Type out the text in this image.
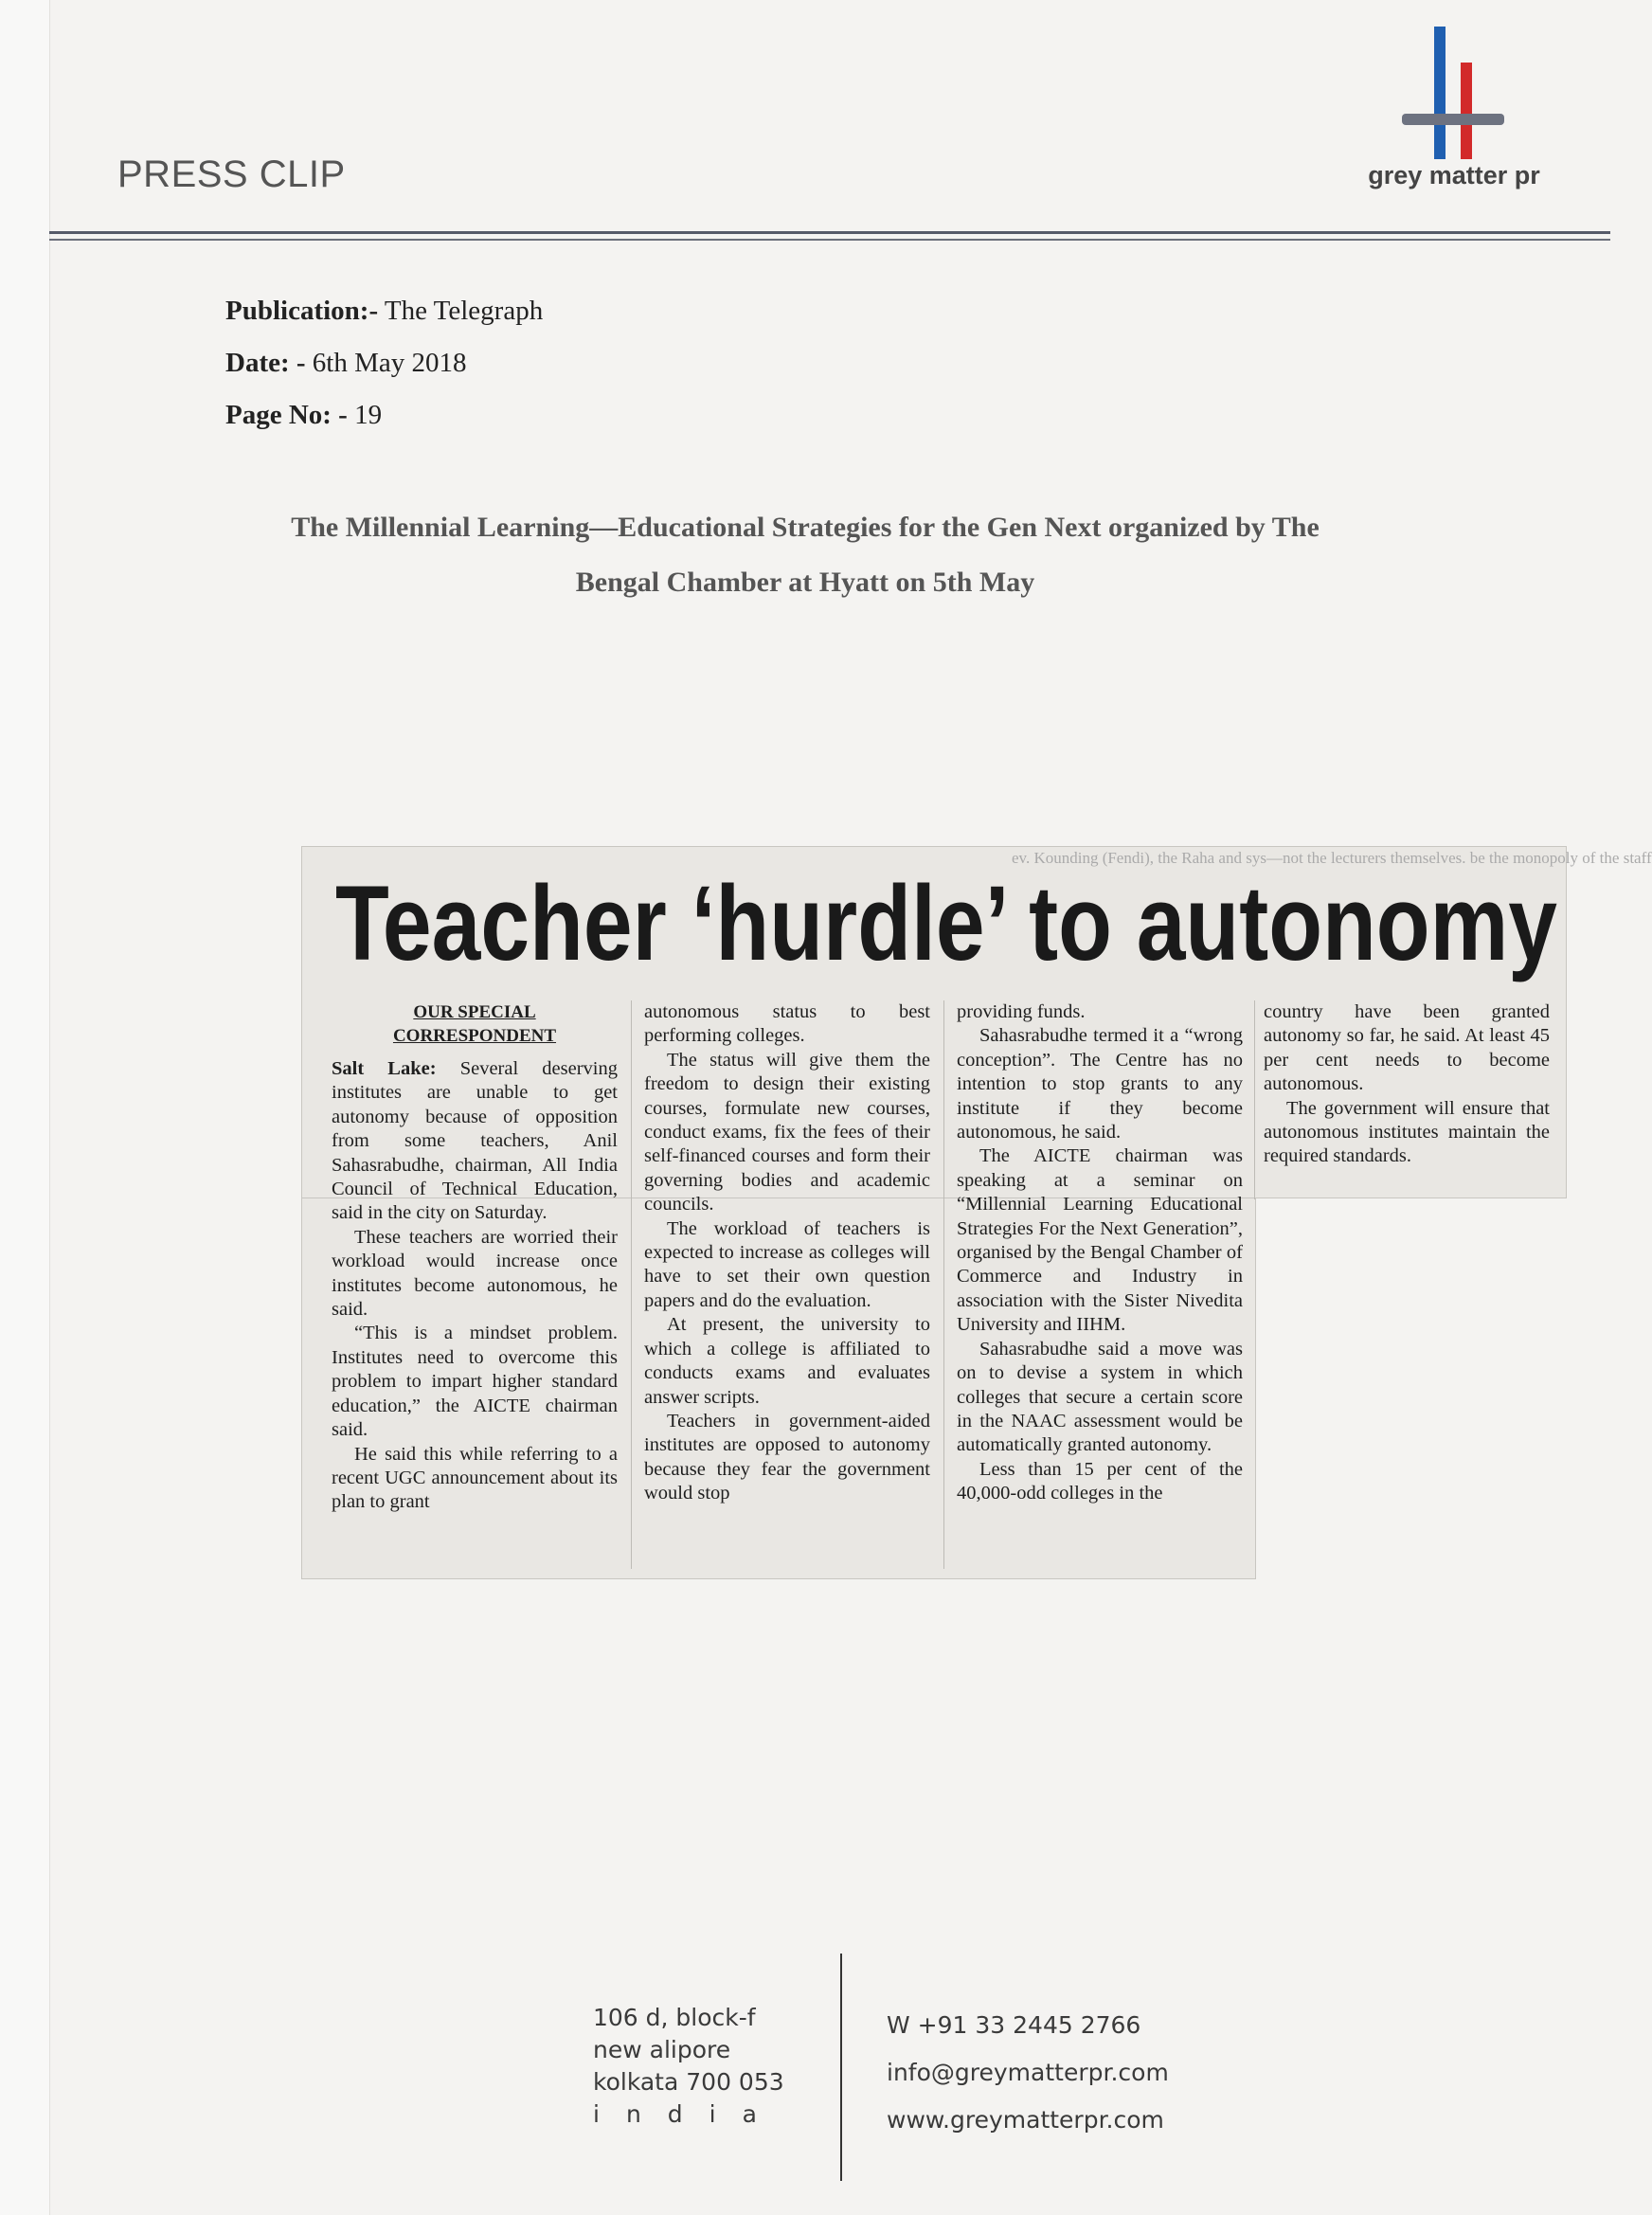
PRESS CLIP	grey matter pr
Publication:- The Telegraph
Date: - 6th May 2018
Page No: - 19
The Millennial Learning—Educational Strategies for the Gen Next organized by The
Bengal Chamber at Hyatt on 5th May
ev. Kounding (Fendi), the Raha and sys—not the lecturers themselves. be the monopoly of the staff
Teacher ‘hurdle’ to autonomy
OUR SPECIAL
CORRESPONDENT

Salt Lake: Several deserving institutes are unable to get autonomy because of opposition from some teachers, Anil Sahasrabudhe, chairman, All India Council of Technical Education, said in the city on Saturday.

These teachers are worried their workload would increase once institutes become autonomous, he said.

“This is a mindset problem. Institutes need to overcome this problem to impart higher standard education,” the AICTE chairman said.

He said this while referring to a recent UGC announcement about its plan to grant

autonomous status to best performing colleges.

The status will give them the freedom to design their existing courses, formulate new courses, conduct exams, fix the fees of their self-financed courses and form their governing bodies and academic councils.

The workload of teachers is expected to increase as colleges will have to set their own question papers and do the evaluation.

At present, the university to which a college is affiliated to conducts exams and evaluates answer scripts.

Teachers in government-aided institutes are opposed to autonomy because they fear the government would stop

providing funds.

Sahasrabudhe termed it a “wrong conception”. The Centre has no intention to stop grants to any institute if they become autonomous, he said.

The AICTE chairman was speaking at a seminar on “Millennial Learning Educational Strategies For the Next Generation”, organised by the Bengal Chamber of Commerce and Industry in association with the Sister Nivedita University and IIHM.

Sahasrabudhe said a move was on to devise a system in which colleges that secure a certain score in the NAAC assessment would be automatically granted autonomy.

Less than 15 per cent of the 40,000-odd colleges in the

country have been granted autonomy so far, he said. At least 45 per cent needs to become autonomous.

The government will ensure that autonomous institutes maintain the required standards.

106 d, block-f
new alipore
kolkata 700 053
india
W +91 33 2445 2766
info@greymatterpr.com
www.greymatterpr.com
